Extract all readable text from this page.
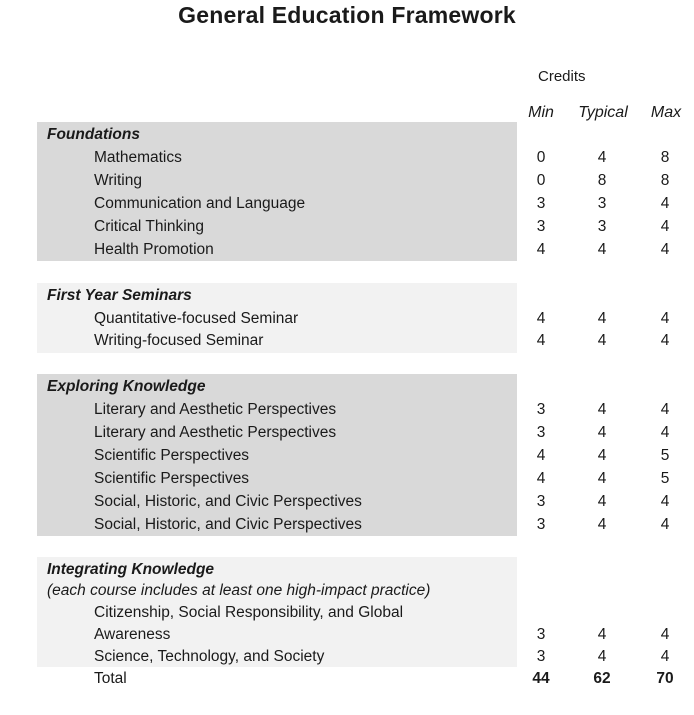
General Education Framework
Credits
Min	Typical	Max
Foundations
Mathematics	0	4	8
Writing	0	8	8
Communication and Language	3	3	4
Critical Thinking	3	3	4
Health Promotion	4	4	4
First Year Seminars
Quantitative-focused Seminar	4	4	4
Writing-focused Seminar	4	4	4
Exploring Knowledge
Literary and Aesthetic Perspectives	3	4	4
Literary and Aesthetic Perspectives	3	4	4
Scientific Perspectives	4	4	5
Scientific Perspectives	4	4	5
Social, Historic, and Civic Perspectives	3	4	4
Social, Historic, and Civic Perspectives	3	4	4
Integrating Knowledge
(each course includes at least one high-impact practice)
Citizenship, Social Responsibility, and Global
Awareness	3	4	4
Science, Technology, and Society	3	4	4
Total	44	62	70
